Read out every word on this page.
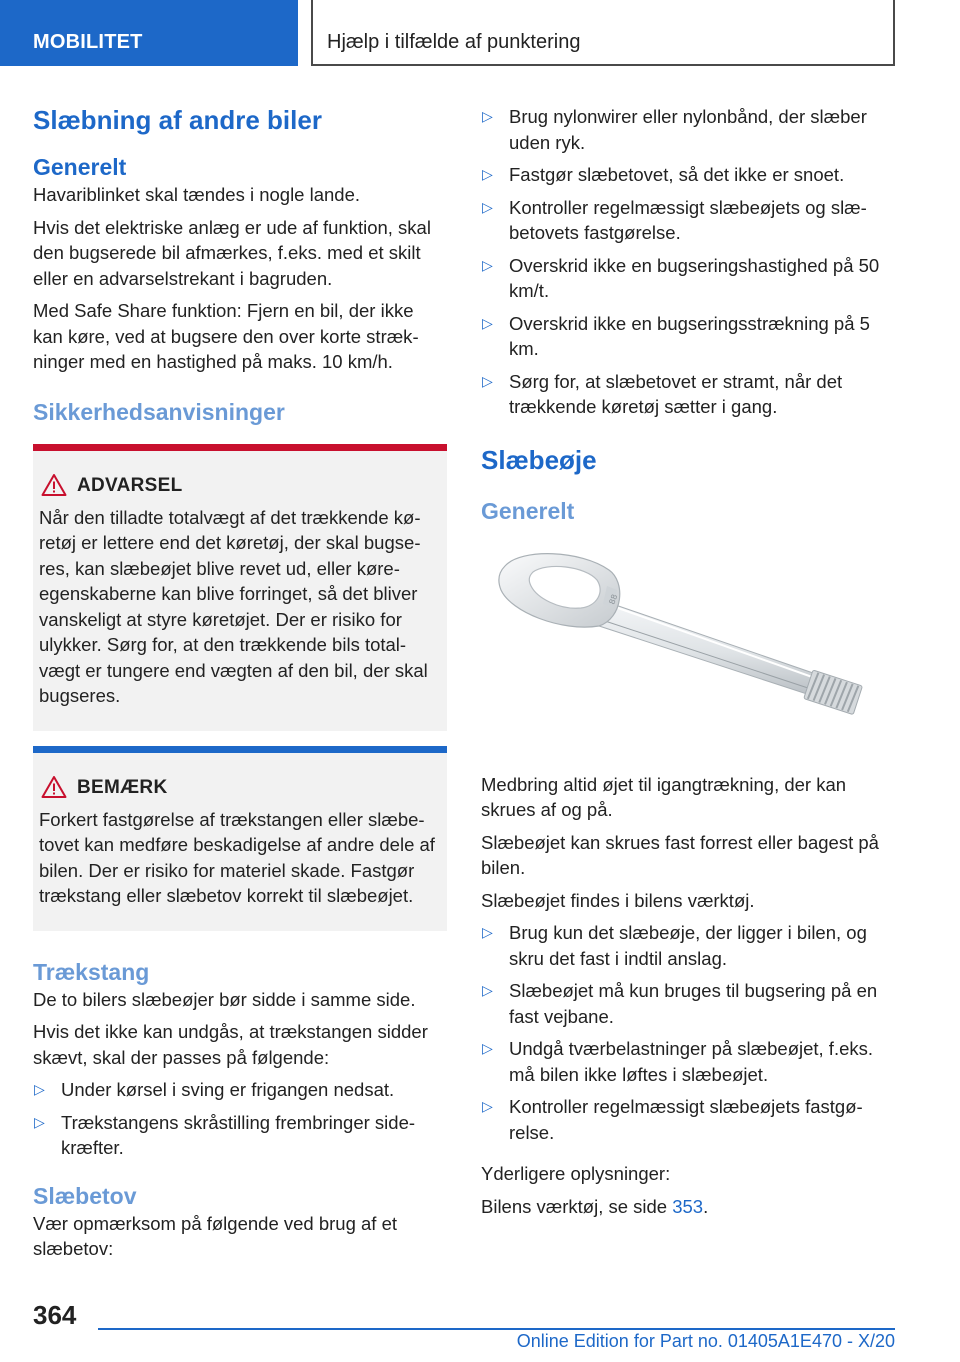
MOBILITET	Hjælp i tilfælde af punktering
Slæbning af andre biler
Generelt

Havariblinket skal tændes i nogle lande.

Hvis det elektriske anlæg er ude af funktion, skal den bugserede bil afmærkes, f.eks. med et skilt eller en advarselstrekant i bagruden.

Med Safe Share funktion: Fjern en bil, der ikke kan køre, ved at bugsere den over korte strækninger med en hastighed på maks. 10 km/h.

Sikkerhedsanvisninger
ADVARSEL

Når den tilladte totalvægt af det trækkende køretøj er lettere end det køretøj, der skal bugseres, kan slæbeøjet blive revet ud, eller køreegenskaberne kan blive forringet, så det bliver vanskeligt at styre køretøjet. Der er risiko for ulykker. Sørg for, at den trækkende bils totalvægt er tungere end vægten af den bil, der skal bugseres.

BEMÆRK

Forkert fastgørelse af trækstangen eller slæbetovet kan medføre beskadigelse af andre dele af bilen. Der er risiko for materiel skade. Fastgør trækstang eller slæbetov korrekt til slæbeøjet.

Trækstang

De to bilers slæbeøjer bør sidde i samme side.

Hvis det ikke kan undgås, at trækstangen sidder skævt, skal der passes på følgende:

▷ Under kørsel i sving er frigangen nedsat.
▷ Trækstangens skråstilling frembringer sidekræfter.
Slæbetov

Vær opmærksom på følgende ved brug af et slæbetov:

▷ Brug nylonwirer eller nylonbånd, der slæber uden ryk.
▷ Fastgør slæbetovet, så det ikke er snoet.
▷ Kontroller regelmæssigt slæbeøjets og slæbetovets fastgørelse.
▷ Overskrid ikke en bugseringshastighed på 50 km/t.
▷ Overskrid ikke en bugseringsstrækning på 5 km.
▷ Sørg for, at slæbetovet er stramt, når det trækkende køretøj sætter i gang.
Slæbeøje
Generelt
88

Medbring altid øjet til igangtrækning, der kan skrues af og på.

Slæbeøjet kan skrues fast forrest eller bagest på bilen.

Slæbeøjet findes i bilens værktøj.

▷ Brug kun det slæbeøje, der ligger i bilen, og skru det fast i indtil anslag.
▷ Slæbeøjet må kun bruges til bugsering på en fast vejbane.
▷ Undgå tværbelastninger på slæbeøjet, f.eks. må bilen ikke løftes i slæbeøjet.
▷ Kontroller regelmæssigt slæbeøjets fastgørelse.

Yderligere oplysninger:

Bilens værktøj, se side 353.

364
Online Edition for Part no. 01405A1E470 - X/20
